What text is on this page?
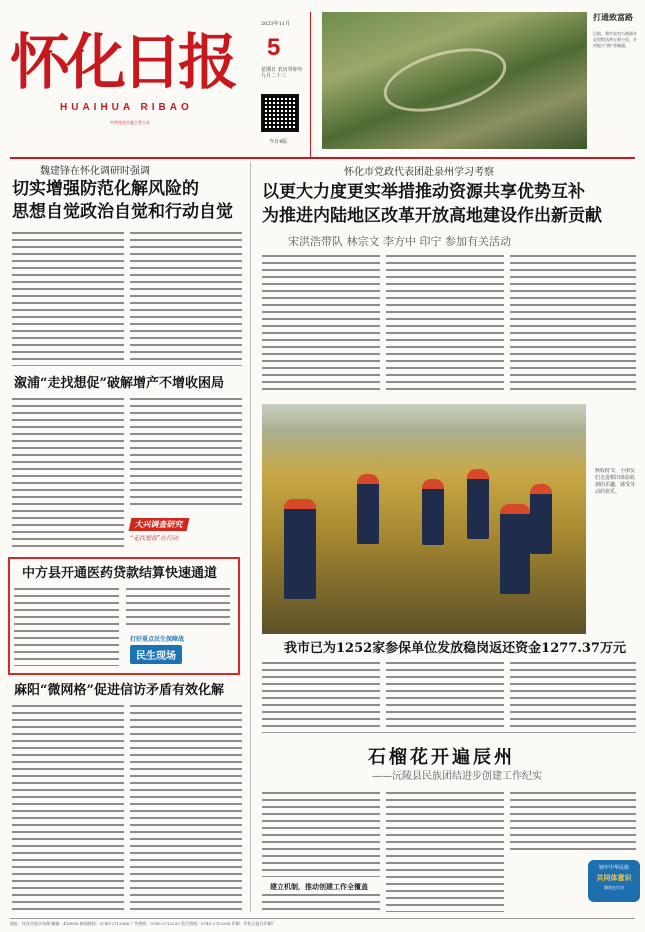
怀化日报
HUAIHUA RIBAO
中共怀化市委主管主办
2023年11月
5
星期日 农历癸卯年九月二十三
今日4版
打通致富路
目前，我市农村公路通车总里程达两万余公里，乡村振兴“路”更畅通。
魏建锋在怀化调研时强调
切实增强防范化解风险的
思想自觉政治自觉和行动自觉
溆浦“走找想促”破解增产不增收困局
大兴调查研究
“走找想促”在行动
中方县开通医药贷款结算快速通道
打好重点民生保障战
民生现场
麻阳“微网格”促进信访矛盾有效化解
怀化市党政代表团赴泉州学习考察
以更大力度更实举措推动资源共享优势互补
为推进内陆地区改革开放高地建设作出新贡献
宋洪浩带队 林宗文 李方中 印宁 参加有关活动
秋收时节，小朋友们走进稻田体验收割的乐趣，感受劳动的快乐。
我市已为1252家参保单位发放稳岗返还资金1277.37万元
石榴花开遍辰州
——沅陵县民族团结进步创建工作纪实
建立机制，推动创建工作全覆盖
铸牢中华民族
共同体意识
湖南在行动
地址：怀化市迎丰东路 邮编：418000 新闻热线：0745-2713386 广告热线：0745-2712235 发行热线：0745-2713288 印刷：怀化日报社印刷厂
